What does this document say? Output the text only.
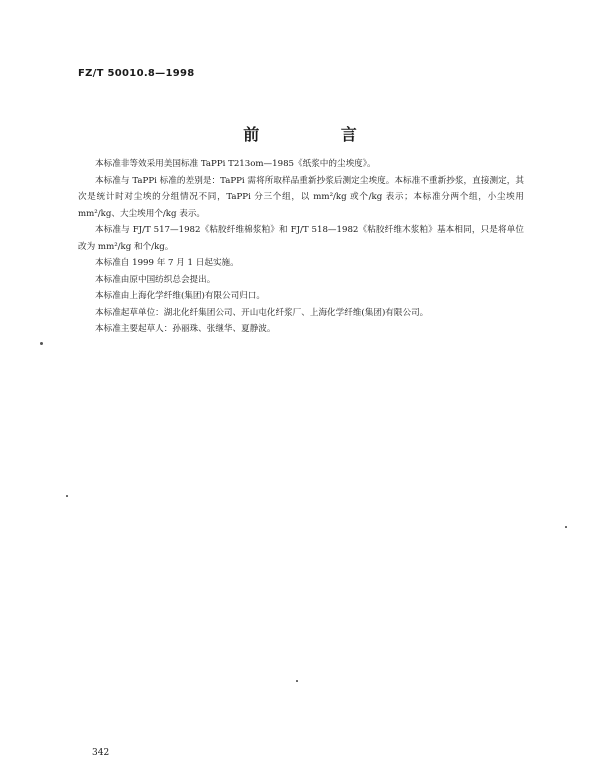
FZ/T 50010.8—1998
前 言

本标准非等效采用美国标准 TaPPi T213om—1985《纸浆中的尘埃度》。

本标准与 TaPPi 标准的差别是：TaPPi 需将所取样品重新抄浆后测定尘埃度。本标准不重新抄浆，直接测定，其次是统计时对尘埃的分组情况不同，TaPPi 分三个组，以 mm²/kg 或个/kg 表示；本标准分两个组，小尘埃用 mm²/kg、大尘埃用个/kg 表示。

本标准与 FJ/T 517—1982《粘胶纤维棉浆粕》和 FJ/T 518—1982《粘胶纤维木浆粕》基本相同，只是将单位改为 mm²/kg 和个/kg。

本标准自 1999 年 7 月 1 日起实施。

本标准由原中国纺织总会提出。

本标准由上海化学纤维(集团)有限公司归口。

本标准起草单位：湖北化纤集团公司、开山屯化纤浆厂、上海化学纤维(集团)有限公司。

本标准主要起草人：孙丽珠、张继华、夏静波。

342
